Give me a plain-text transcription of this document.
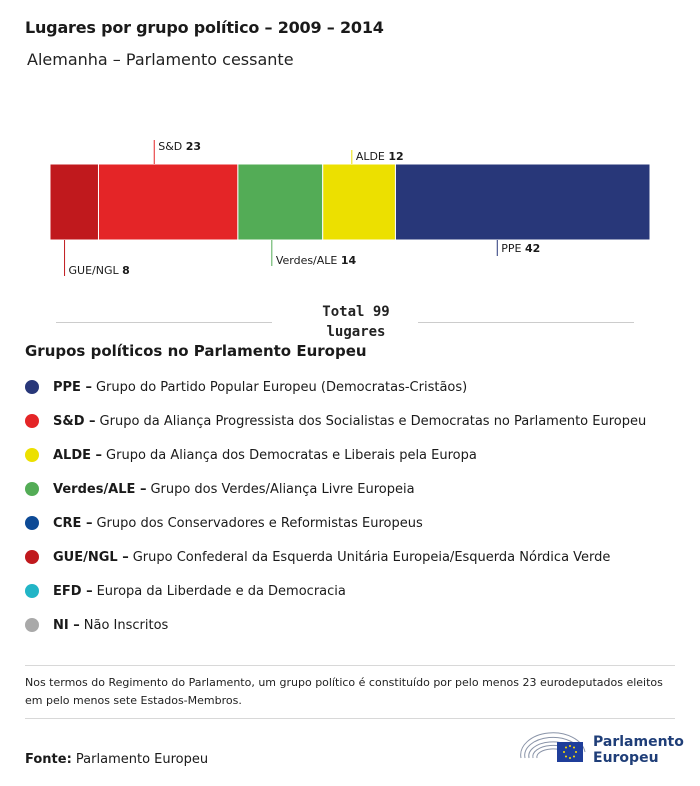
Lugares por grupo político – 2009 – 2014
Alemanha – Parlamento cessante
GUE/NGL 8
S&D 23
Verdes/ALE 14
ALDE 12
PPE 42
Total 99 lugares
Grupos políticos no Parlamento Europeu
PPE – Grupo do Partido Popular Europeu (Democratas-Cristãos)
S&D – Grupo da Aliança Progressista dos Socialistas e Democratas no Parlamento Europeu
ALDE – Grupo da Aliança dos Democratas e Liberais pela Europa
Verdes/ALE – Grupo dos Verdes/Aliança Livre Europeia
CRE – Grupo dos Conservadores e Reformistas Europeus
GUE/NGL – Grupo Confederal da Esquerda Unitária Europeia/Esquerda Nórdica Verde
EFD – Europa da Liberdade e da Democracia
NI – Não Inscritos
Nos termos do Regimento do Parlamento, um grupo político é constituído por pelo menos 23 eurodeputados eleitos em pelo menos sete Estados-Membros.
Fonte: Parlamento Europeu
Parlamento
Europeu
